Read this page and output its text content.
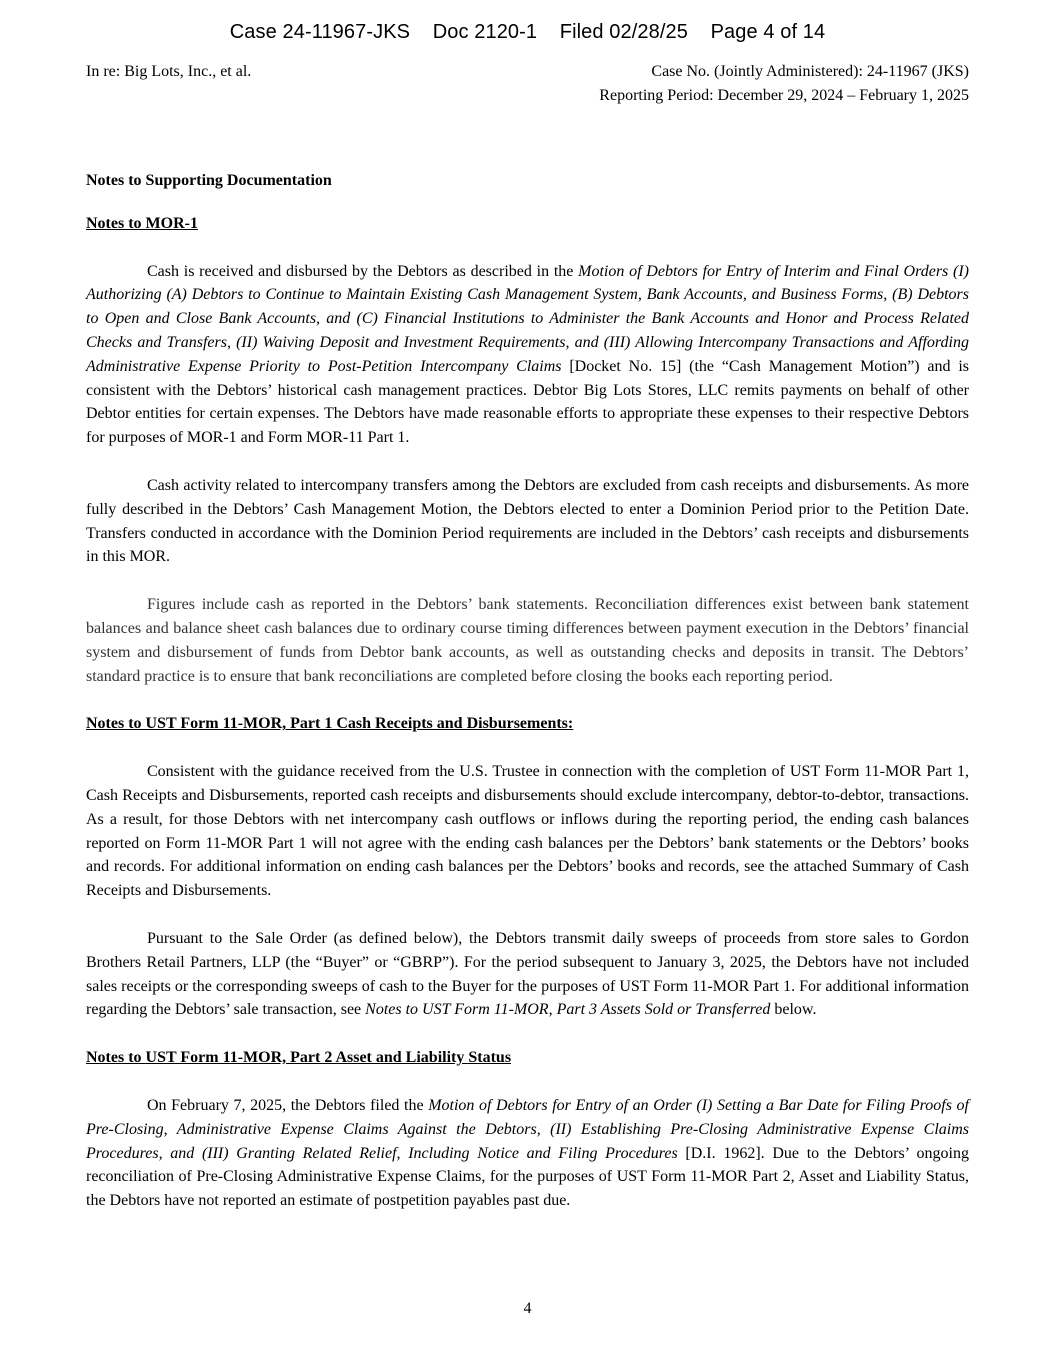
Case 24-11967-JKS Doc 2120-1 Filed 02/28/25 Page 4 of 14
In re: Big Lots, Inc., et al.	Case No. (Jointly Administered): 24-11967 (JKS)
Reporting Period: December 29, 2024 – February 1, 2025
Notes to Supporting Documentation
Notes to MOR-1

Cash is received and disbursed by the Debtors as described in the Motion of Debtors for Entry of Interim and Final Orders (I) Authorizing (A) Debtors to Continue to Maintain Existing Cash Management System, Bank Accounts, and Business Forms, (B) Debtors to Open and Close Bank Accounts, and (C) Financial Institutions to Administer the Bank Accounts and Honor and Process Related Checks and Transfers, (II) Waiving Deposit and Investment Requirements, and (III) Allowing Intercompany Transactions and Affording Administrative Expense Priority to Post-Petition Intercompany Claims [Docket No. 15] (the “Cash Management Motion”) and is consistent with the Debtors’ historical cash management practices. Debtor Big Lots Stores, LLC remits payments on behalf of other Debtor entities for certain expenses. The Debtors have made reasonable efforts to appropriate these expenses to their respective Debtors for purposes of MOR-1 and Form MOR-11 Part 1.

Cash activity related to intercompany transfers among the Debtors are excluded from cash receipts and disbursements. As more fully described in the Debtors’ Cash Management Motion, the Debtors elected to enter a Dominion Period prior to the Petition Date. Transfers conducted in accordance with the Dominion Period requirements are included in the Debtors’ cash receipts and disbursements in this MOR.

Figures include cash as reported in the Debtors’ bank statements. Reconciliation differences exist between bank statement balances and balance sheet cash balances due to ordinary course timing differences between payment execution in the Debtors’ financial system and disbursement of funds from Debtor bank accounts, as well as outstanding checks and deposits in transit. The Debtors’ standard practice is to ensure that bank reconciliations are completed before closing the books each reporting period.

Notes to UST Form 11-MOR, Part 1 Cash Receipts and Disbursements:

Consistent with the guidance received from the U.S. Trustee in connection with the completion of UST Form 11-MOR Part 1, Cash Receipts and Disbursements, reported cash receipts and disbursements should exclude intercompany, debtor-to-debtor, transactions. As a result, for those Debtors with net intercompany cash outflows or inflows during the reporting period, the ending cash balances reported on Form 11-MOR Part 1 will not agree with the ending cash balances per the Debtors’ bank statements or the Debtors’ books and records. For additional information on ending cash balances per the Debtors’ books and records, see the attached Summary of Cash Receipts and Disbursements.

Pursuant to the Sale Order (as defined below), the Debtors transmit daily sweeps of proceeds from store sales to Gordon Brothers Retail Partners, LLP (the “Buyer” or “GBRP”). For the period subsequent to January 3, 2025, the Debtors have not included sales receipts or the corresponding sweeps of cash to the Buyer for the purposes of UST Form 11-MOR Part 1. For additional information regarding the Debtors’ sale transaction, see Notes to UST Form 11-MOR, Part 3 Assets Sold or Transferred below.

Notes to UST Form 11-MOR, Part 2 Asset and Liability Status

On February 7, 2025, the Debtors filed the Motion of Debtors for Entry of an Order (I) Setting a Bar Date for Filing Proofs of Pre-Closing, Administrative Expense Claims Against the Debtors, (II) Establishing Pre-Closing Administrative Expense Claims Procedures, and (III) Granting Related Relief, Including Notice and Filing Procedures [D.I. 1962]. Due to the Debtors’ ongoing reconciliation of Pre-Closing Administrative Expense Claims, for the purposes of UST Form 11-MOR Part 2, Asset and Liability Status, the Debtors have not reported an estimate of postpetition payables past due.

4
